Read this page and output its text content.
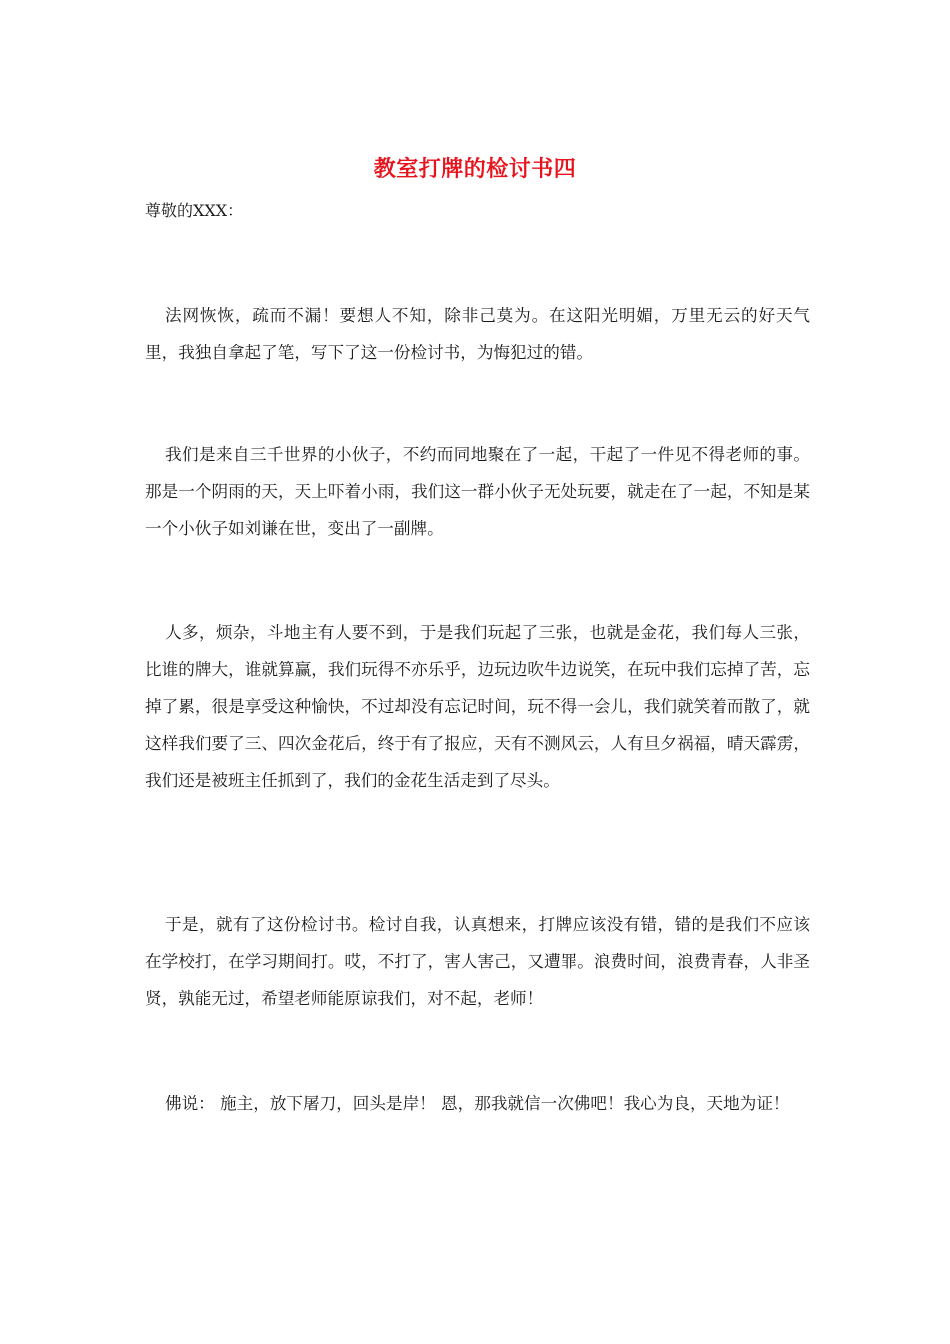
教室打牌的检讨书四
尊敬的XXX：

法网恢恢，疏而不漏！要想人不知，除非己莫为。在这阳光明媚，万里无云的好天气里，我独自拿起了笔，写下了这一份检讨书，为悔犯过的错。

我们是来自三千世界的小伙子，不约而同地聚在了一起，干起了一件见不得老师的事。那是一个阴雨的天，天上吓着小雨，我们这一群小伙子无处玩要，就走在了一起，不知是某一个小伙子如刘谦在世，变出了一副牌。

人多，烦杂，斗地主有人要不到，于是我们玩起了三张，也就是金花，我们每人三张，比谁的牌大，谁就算赢，我们玩得不亦乐乎，边玩边吹牛边说笑，在玩中我们忘掉了苦，忘掉了累，很是享受这种愉快，不过却没有忘记时间，玩不得一会儿，我们就笑着而散了，就这样我们要了三、四次金花后，终于有了报应，天有不测风云，人有旦夕祸福，晴天霹雳，我们还是被班主任抓到了，我们的金花生活走到了尽头。

于是，就有了这份检讨书。检讨自我，认真想来，打牌应该没有错，错的是我们不应该在学校打，在学习期间打。哎，不打了，害人害己，又遭罪。浪费时间，浪费青春，人非圣贤，孰能无过，希望老师能原谅我们，对不起，老师！

佛说： 施主，放下屠刀，回头是岸！ 恩，那我就信一次佛吧！我心为良，天地为证！
